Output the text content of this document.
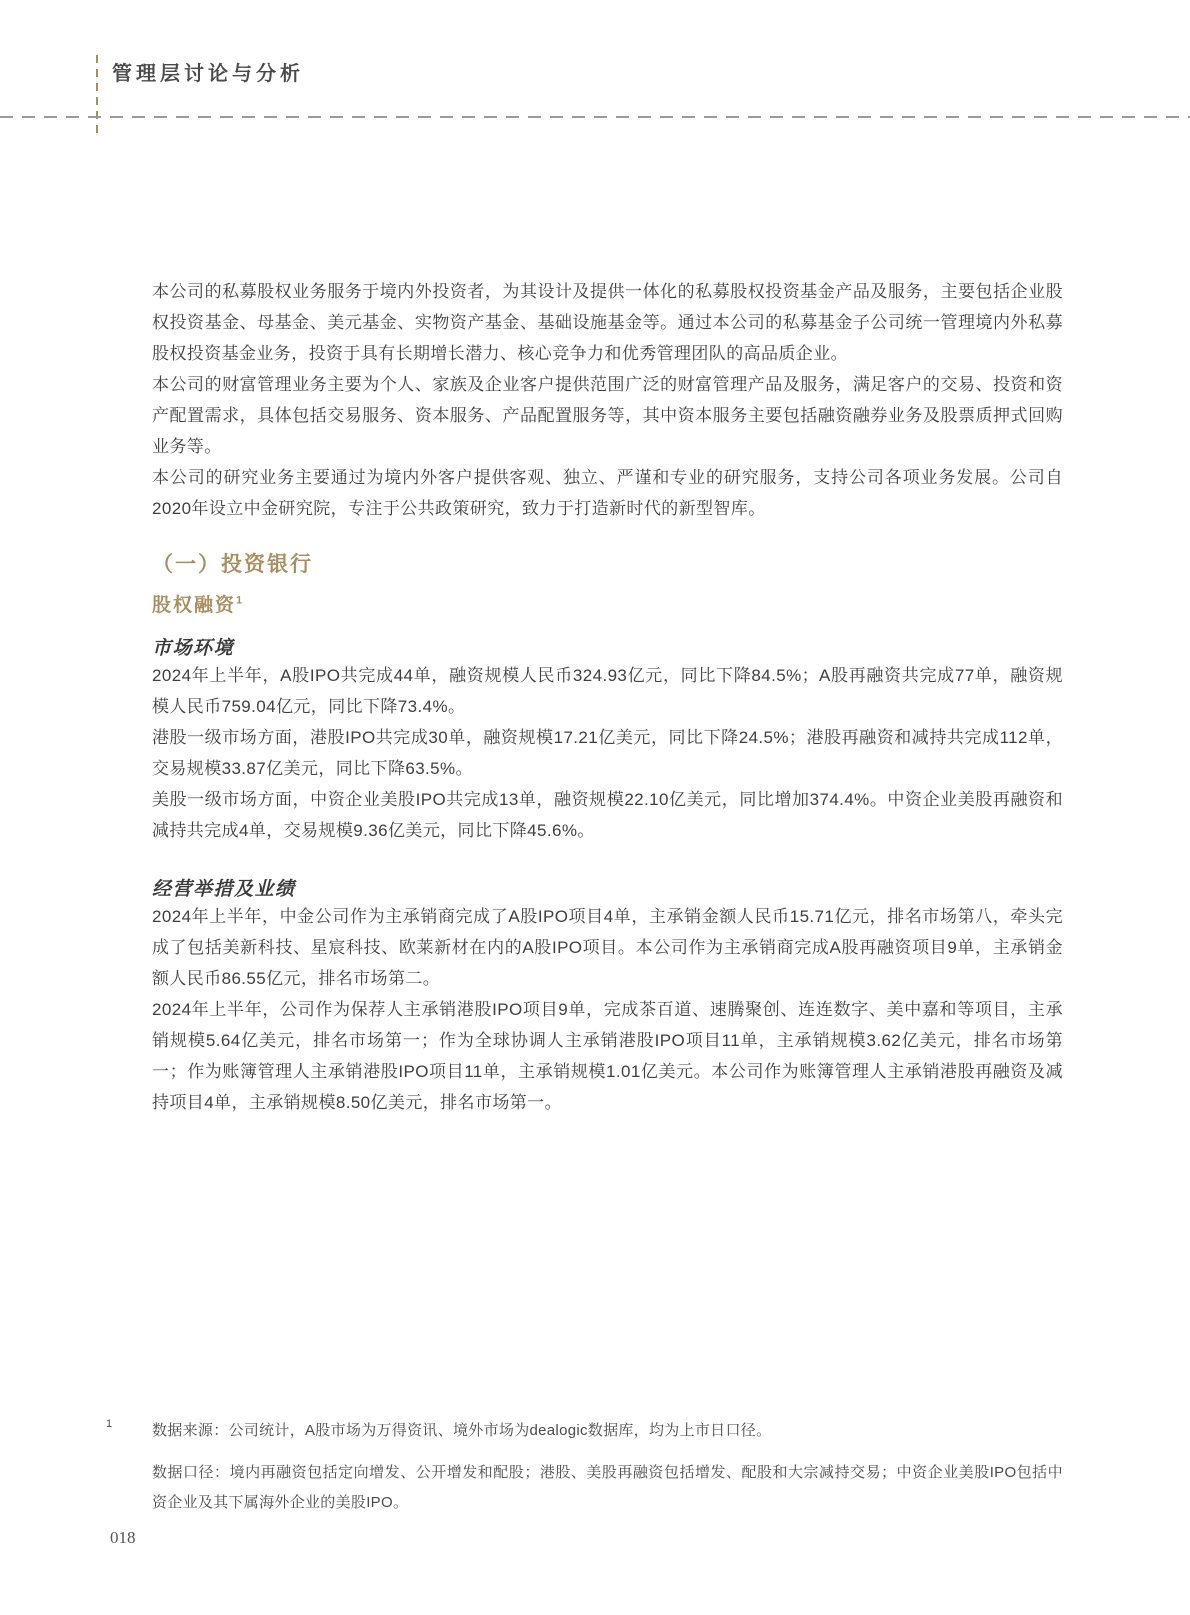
管理层讨论与分析

本公司的私募股权业务服务于境内外投资者，为其设计及提供一体化的私募股权投资基金产品及服务，主要包括企业股权投资基金、母基金、美元基金、实物资产基金、基础设施基金等。通过本公司的私募基金子公司统一管理境内外私募股权投资基金业务，投资于具有长期增长潜力、核心竞争力和优秀管理团队的高品质企业。

本公司的财富管理业务主要为个人、家族及企业客户提供范围广泛的财富管理产品及服务，满足客户的交易、投资和资产配置需求，具体包括交易服务、资本服务、产品配置服务等，其中资本服务主要包括融资融券业务及股票质押式回购业务等。

本公司的研究业务主要通过为境内外客户提供客观、独立、严谨和专业的研究服务，支持公司各项业务发展。公司自2020年设立中金研究院，专注于公共政策研究，致力于打造新时代的新型智库。

（一）投资银行
股权融资$^1$
市场环境

2024年上半年，A股IPO共完成44单，融资规模人民币324.93亿元，同比下降84.5%；A股再融资共完成77单，融资规模人民币759.04亿元，同比下降73.4%。

港股一级市场方面，港股IPO共完成30单，融资规模17.21亿美元，同比下降24.5%；港股再融资和减持共完成112单，交易规模33.87亿美元，同比下降63.5%。

美股一级市场方面，中资企业美股IPO共完成13单，融资规模22.10亿美元，同比增加374.4%。中资企业美股再融资和减持共完成4单，交易规模9.36亿美元，同比下降45.6%。

经营举措及业绩

2024年上半年，中金公司作为主承销商完成了A股IPO项目4单，主承销金额人民币15.71亿元，排名市场第八，牵头完成了包括美新科技、星宸科技、欧莱新材在内的A股IPO项目。本公司作为主承销商完成A股再融资项目9单，主承销金额人民币86.55亿元，排名市场第二。

2024年上半年，公司作为保荐人主承销港股IPO项目9单，完成茶百道、速腾聚创、连连数字、美中嘉和等项目，主承销规模5.64亿美元，排名市场第一；作为全球协调人主承销港股IPO项目11单，主承销规模3.62亿美元，排名市场第一；作为账簿管理人主承销港股IPO项目11单，主承销规模1.01亿美元。本公司作为账簿管理人主承销港股再融资及减持项目4单，主承销规模8.50亿美元，排名市场第一。

1	数据来源：公司统计，A股市场为万得资讯、境外市场为dealogic数据库，均为上市日口径。

数据口径：境内再融资包括定向增发、公开增发和配股；港股、美股再融资包括增发、配股和大宗减持交易；中资企业美股IPO包括中资企业及其下属海外企业的美股IPO。

018
